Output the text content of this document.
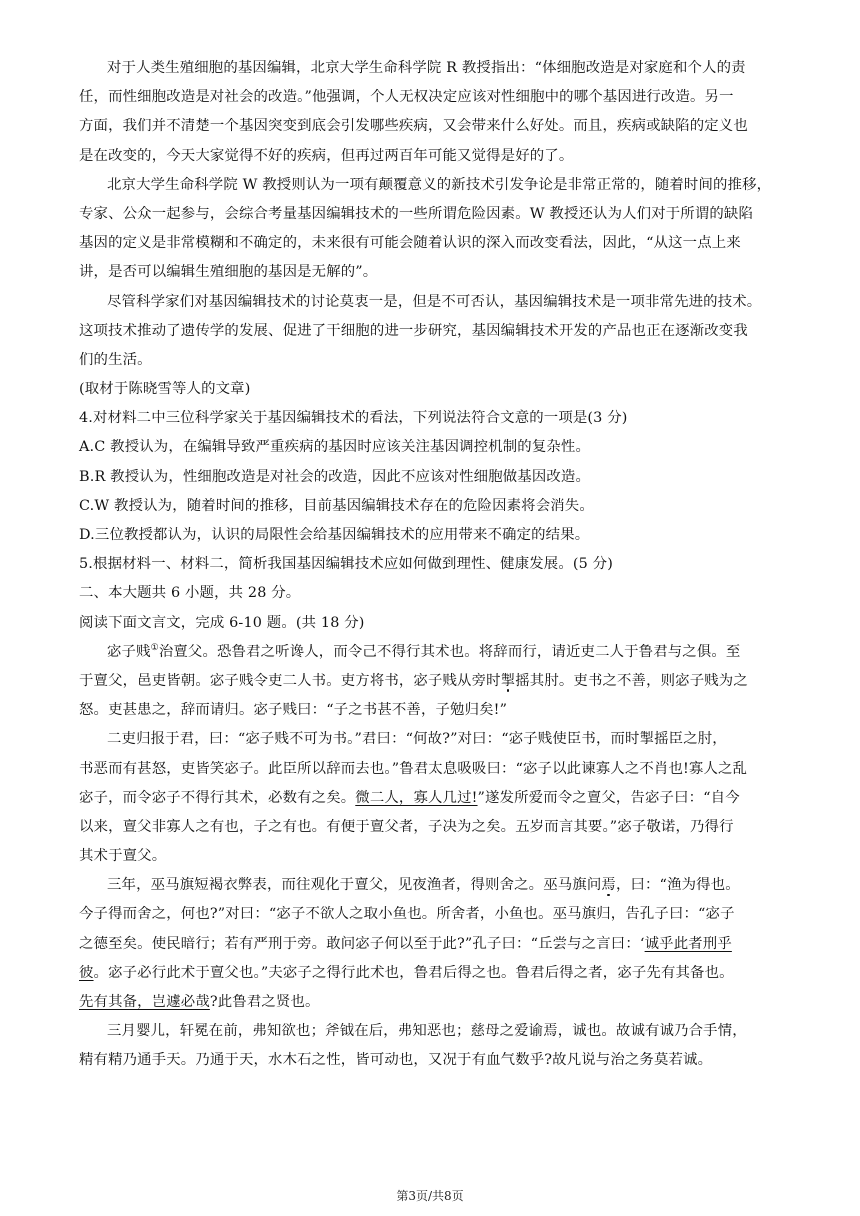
对于人类生殖细胞的基因编辑，北京大学生命科学院 R 教授指出：“体细胞改造是对家庭和个人的责
任，而性细胞改造是对社会的改造。”他强调，个人无权决定应该对性细胞中的哪个基因进行改造。另一
方面，我们并不清楚一个基因突变到底会引发哪些疾病，又会带来什么好处。而且，疾病或缺陷的定义也
是在改变的，今天大家觉得不好的疾病，但再过两百年可能又觉得是好的了。
北京大学生命科学院 W 教授则认为一项有颠覆意义的新技术引发争论是非常正常的，随着时间的推移，
专家、公众一起参与，会综合考量基因编辑技术的一些所谓危险因素。W 教授还认为人们对于所谓的缺陷
基因的定义是非常模糊和不确定的，未来很有可能会随着认识的深入而改变看法，因此，“从这一点上来
讲，是否可以编辑生殖细胞的基因是无解的”。
尽管科学家们对基因编辑技术的讨论莫衷一是，但是不可否认，基因编辑技术是一项非常先进的技术。
这项技术推动了遗传学的发展、促进了干细胞的进一步研究，基因编辑技术开发的产品也正在逐渐改变我
们的生活。
(取材于陈晓雪等人的文章)
4.对材料二中三位科学家关于基因编辑技术的看法，下列说法符合文意的一项是(3 分)
A.C 教授认为，在编辑导致严重疾病的基因时应该关注基因调控机制的复杂性。
B.R 教授认为，性细胞改造是对社会的改造，因此不应该对性细胞做基因改造。
C.W 教授认为，随着时间的推移，目前基因编辑技术存在的危险因素将会消失。
D.三位教授都认为，认识的局限性会给基因编辑技术的应用带来不确定的结果。
5.根据材料一、材料二，简析我国基因编辑技术应如何做到理性、健康发展。(5 分)
二、本大题共 6 小题，共 28 分。
阅读下面文言文，完成 6-10 题。(共 18 分)
宓子贱①治亶父。恐鲁君之听谗人，而令己不得行其术也。将辞而行，请近吏二人于鲁君与之俱。至
于亶父，邑吏皆朝。宓子贱令吏二人书。吏方将书，宓子贱从旁时掣摇其肘。吏书之不善，则宓子贱为之
怒。吏甚患之，辞而请归。宓子贱曰：“子之书甚不善，子勉归矣!”
二吏归报于君，曰：“宓子贱不可为书。”君曰：“何故?”对曰：“宓子贱使臣书，而时掣摇臣之肘，
书恶而有甚怒，吏皆笑宓子。此臣所以辞而去也。”鲁君太息吸吸曰：“宓子以此谏寡人之不肖也!寡人之乱
宓子，而令宓子不得行其术，必数有之矣。微二人，寡人几过!”遂发所爱而令之亶父，告宓子曰：“自今
以来，亶父非寡人之有也，子之有也。有便于亶父者，子决为之矣。五岁而言其要。”宓子敬诺，乃得行
其术于亶父。
三年，巫马旗短褐衣弊表，而往观化于亶父，见夜渔者，得则舍之。巫马旗问焉，曰：“渔为得也。
今子得而舍之，何也?”对曰：“宓子不欲人之取小鱼也。所舍者，小鱼也。巫马旗归，告孔子曰：“宓子
之德至矣。使民暗行；若有严刑于旁。敢问宓子何以至于此?”孔子曰：“丘尝与之言曰：‘诚乎此者刑乎
彼。宓子必行此术于亶父也。”夫宓子之得行此术也，鲁君后得之也。鲁君后得之者，宓子先有其备也。
先有其备，岂遽必哉?此鲁君之贤也。
三月婴儿，轩冕在前，弗知欲也；斧钺在后，弗知恶也；慈母之爱谕焉，诚也。故诚有诚乃合手情，
精有精乃通手天。乃通于天，水木石之性，皆可动也，又况于有血气数乎?故凡说与治之务莫若诚。
第3页/共8页
